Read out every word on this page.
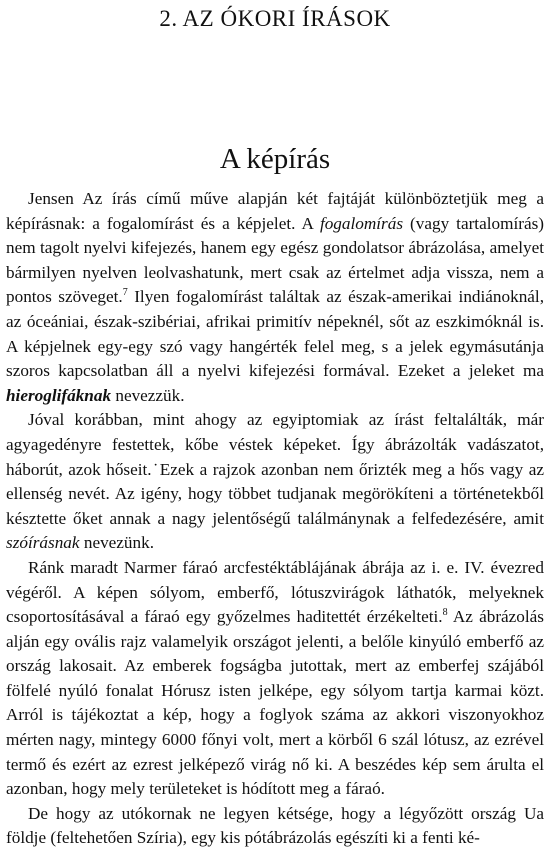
2. AZ ÓKORI ÍRÁSOK
A képírás

Jensen Az írás című műve alapján két fajtáját különböztetjük meg a képírásnak: a fogalomírást és a képjelet. A fogalomírás (vagy tartalomírás) nem tagolt nyelvi kifejezés, hanem egy egész gondolatsor ábrázolása, amelyet bármilyen nyelven leolvashatunk, mert csak az értelmet adja vissza, nem a pontos szöveget.$^7$ Ilyen fogalomírást találtak az észak-amerikai indiánoknál, az óceániai, észak-szibériai, afrikai primitív népeknél, sőt az eszkimóknál is. A képjelnek egy-egy szó vagy hangérték felel meg, s a jelek egymásutánja szoros kapcsolatban áll a nyelvi kifejezési formával. Ezeket a jeleket ma hieroglifáknak nevezzük.

Jóval korábban, mint ahogy az egyiptomiak az írást feltalálták, már agyagedényre festettek, kőbe véstek képeket. Így ábrázolták vadászatot, háborút, azok hőseit.˙Ezek a rajzok azonban nem őrizték meg a hős vagy az ellenség nevét. Az igény, hogy többet tudjanak megörökíteni a történetekből késztette őket annak a nagy jelentőségű találmánynak a felfedezésére, amit szóírásnak nevezünk.

Ránk maradt Narmer fáraó arcfestéktáblájának ábrája az i. e. IV. évezred végéről. A képen sólyom, emberfő, lótuszvirágok láthatók, melyeknek csoportosításával a fáraó egy győzelmes haditettét érzékelteti.$^8$ Az ábrázolás alján egy ovális rajz valamelyik országot jelenti, a belőle kinyúló emberfő az ország lakosait. Az emberek fogságba jutottak, mert az emberfej szájából fölfelé nyúló fonalat Hórusz isten jelképe, egy sólyom tartja karmai közt. Arról is tájékoztat a kép, hogy a foglyok száma az akkori viszonyokhoz mérten nagy, mintegy 6000 főnyi volt, mert a körből 6 szál lótusz, az ezrével termő és ezért az ezrest jelképező virág nő ki. A beszédes kép sem árulta el azonban, hogy mely területeket is hódított meg a fáraó.

De hogy az utókornak ne legyen kétsége, hogy a légyőzött ország Ua földje (feltehetően Szíria), egy kis pótábrázolás egészíti ki a fenti ké-
